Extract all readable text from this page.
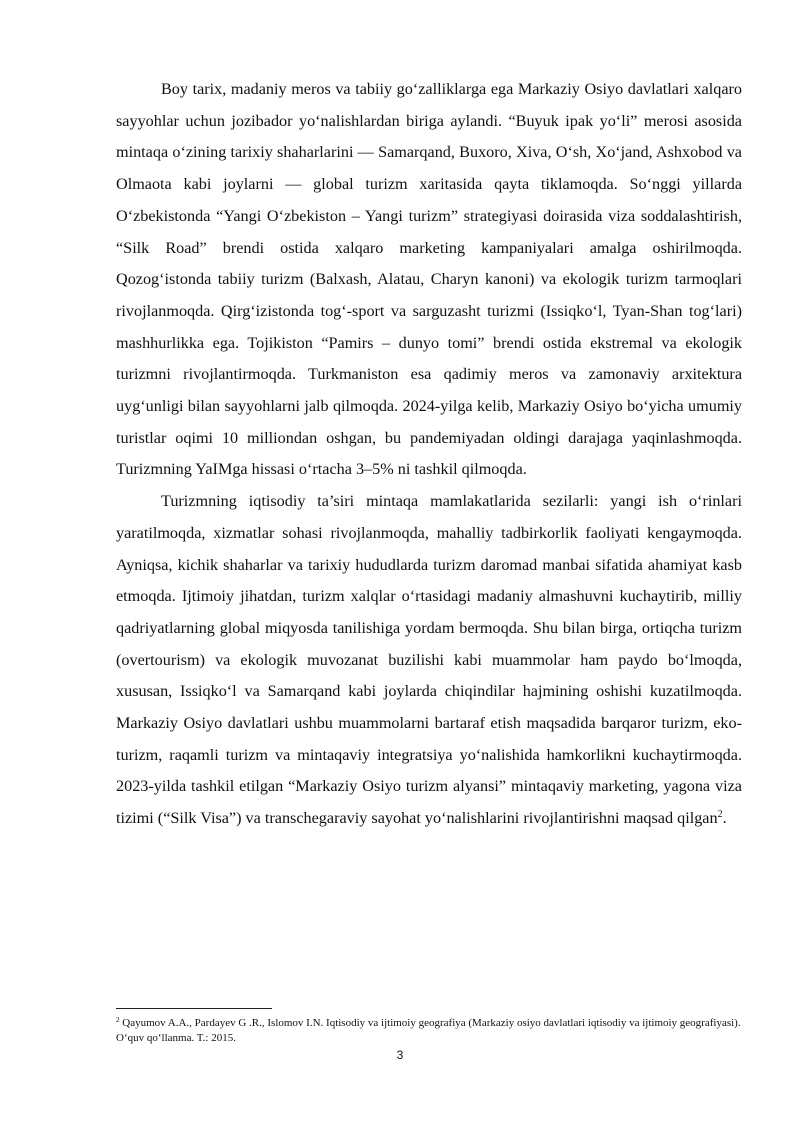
Boy tarix, madaniy meros va tabiiy go‘zalliklarga ega Markaziy Osiyo davlatlari xalqaro sayyohlar uchun jozibador yo‘nalishlardan biriga aylandi. “Buyuk ipak yo‘li” merosi asosida mintaqa o‘zining tarixiy shaharlarini — Samarqand, Buxoro, Xiva, O‘sh, Xo‘jand, Ashxobod va Olmaota kabi joylarni — global turizm xaritasida qayta tiklamoqda. So‘nggi yillarda O‘zbekistonda “Yangi O‘zbekiston – Yangi turizm” strategiyasi doirasida viza soddalashtirish, “Silk Road” brendi ostida xalqaro marketing kampaniyalari amalga oshirilmoqda. Qozog‘istonda tabiiy turizm (Balxash, Alatau, Charyn kanoni) va ekologik turizm tarmoqlari rivojlanmoqda. Qirg‘izistonda tog‘-sport va sarguzasht turizmi (Issiqko‘l, Tyan-Shan tog‘lari) mashhurlikka ega. Tojikiston “Pamirs – dunyo tomi” brendi ostida ekstremal va ekologik turizmni rivojlantirmoqda. Turkmaniston esa qadimiy meros va zamonaviy arxitektura uyg‘unligi bilan sayyohlarni jalb qilmoqda. 2024-yilga kelib, Markaziy Osiyo bo‘yicha umumiy turistlar oqimi 10 milliondan oshgan, bu pandemiyadan oldingi darajaga yaqinlashmoqda. Turizmning YaIMga hissasi o‘rtacha 3–5% ni tashkil qilmoqda.

Turizmning iqtisodiy ta’siri mintaqa mamlakatlarida sezilarli: yangi ish o‘rinlari yaratilmoqda, xizmatlar sohasi rivojlanmoqda, mahalliy tadbirkorlik faoliyati kengaymoqda. Ayniqsa, kichik shaharlar va tarixiy hududlarda turizm daromad manbai sifatida ahamiyat kasb etmoqda. Ijtimoiy jihatdan, turizm xalqlar o‘rtasidagi madaniy almashuvni kuchaytirib, milliy qadriyatlarning global miqyosda tanilishiga yordam bermoqda. Shu bilan birga, ortiqcha turizm (overtourism) va ekologik muvozanat buzilishi kabi muammolar ham paydo bo‘lmoqda, xususan, Issiqko‘l va Samarqand kabi joylarda chiqindilar hajmining oshishi kuzatilmoqda. Markaziy Osiyo davlatlari ushbu muammolarni bartaraf etish maqsadida barqaror turizm, eko-turizm, raqamli turizm va mintaqaviy integratsiya yo‘nalishida hamkorlikni kuchaytirmoqda. 2023-yilda tashkil etilgan “Markaziy Osiyo turizm alyansi” mintaqaviy marketing, yagona viza tizimi (“Silk Visa”) va transchegaraviy sayohat yo‘nalishlarini rivojlantirishni maqsad qilgan$^2$.

$^2$ Qayumov A.A., Pardayev G .R., Islomov I.N. Iqtisodiy va ijtimoiy geografiya (Markaziy osiyo davlatlari iqtisodiy va ijtimoiy geografiyasi). O‘quv qo‘llanma. T.: 2015.

3
